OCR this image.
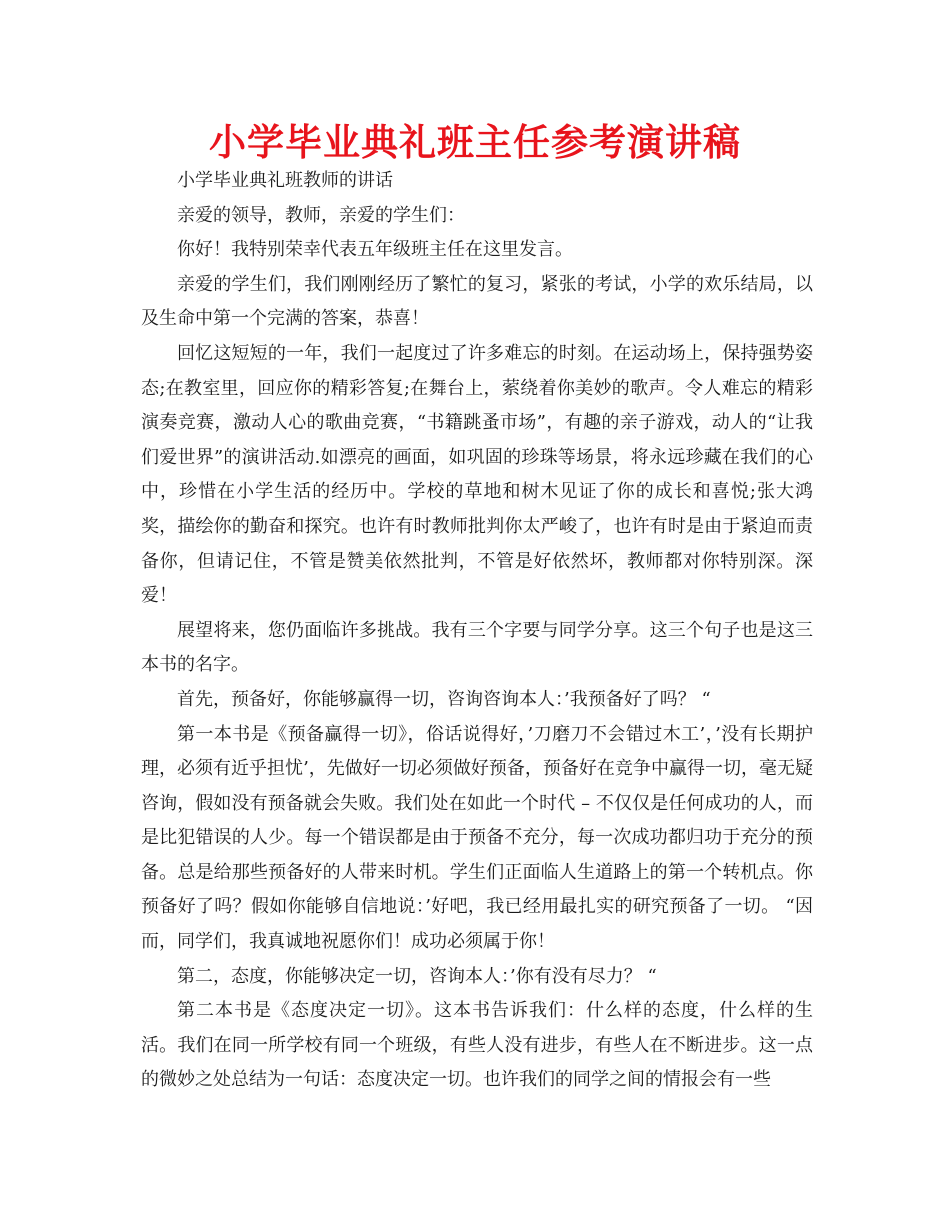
小学毕业典礼班主任参考演讲稿

小学毕业典礼班教师的讲话

亲爱的领导，教师，亲爱的学生们：

你好！我特别荣幸代表五年级班主任在这里发言。

亲爱的学生们，我们刚刚经历了繁忙的复习，紧张的考试，小学的欢乐结局，以及生命中第一个完满的答案，恭喜！

回忆这短短的一年，我们一起度过了许多难忘的时刻。在运动场上，保持强势姿态;在教室里，回应你的精彩答复;在舞台上，萦绕着你美妙的歌声。令人难忘的精彩演奏竞赛，激动人心的歌曲竞赛，“书籍跳蚤市场”，有趣的亲子游戏，动人的“让我们爱世界”的演讲活动.如漂亮的画面，如巩固的珍珠等场景，将永远珍藏在我们的心中，珍惜在小学生活的经历中。学校的草地和树木见证了你的成长和喜悦;张大鸿奖，描绘你的勤奋和探究。也许有时教师批判你太严峻了，也许有时是由于紧迫而责备你，但请记住，不管是赞美依然批判，不管是好依然坏，教师都对你特别深。深爱！

展望将来，您仍面临许多挑战。我有三个字要与同学分享。这三个句子也是这三本书的名字。

首先，预备好，你能够赢得一切，咨询咨询本人：’我预备好了吗？ “

第一本书是《预备赢得一切》，俗话说得好，’刀磨刀不会错过木工’，’没有长期护理，必须有近乎担忧’，先做好一切必须做好预备，预备好在竞争中赢得一切，毫无疑咨询，假如没有预备就会失败。我们处在如此一个时代 – 不仅仅是任何成功的人，而是比犯错误的人少。每一个错误都是由于预备不充分，每一次成功都归功于充分的预备。总是给那些预备好的人带来时机。学生们正面临人生道路上的第一个转机点。你预备好了吗？假如你能够自信地说：’好吧，我已经用最扎实的研究预备了一切。 “因而，同学们，我真诚地祝愿你们！成功必须属于你！

第二，态度，你能够决定一切，咨询本人：’你有没有尽力？ “

第二本书是《态度决定一切》。这本书告诉我们：什么样的态度，什么样的生活。我们在同一所学校有同一个班级，有些人没有进步，有些人在不断进步。这一点的微妙之处总结为一句话：态度决定一切。也许我们的同学之间的情报会有一些
